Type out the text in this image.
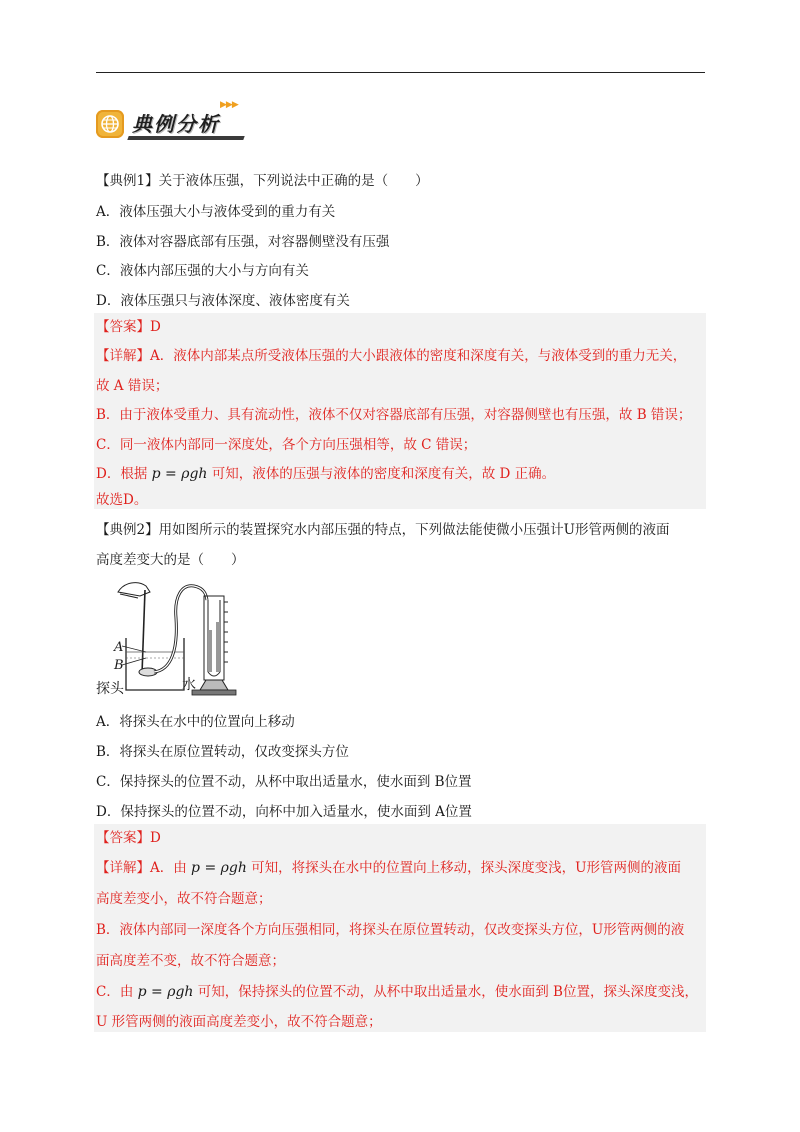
典例分析
▶▶▶
【典例1】关于液体压强，下列说法中正确的是（　　）
A．液体压强大小与液体受到的重力有关
B．液体对容器底部有压强，对容器侧壁没有压强
C．液体内部压强的大小与方向有关
D．液体压强只与液体深度、液体密度有关
【答案】D
【详解】A．液体内部某点所受液体压强的大小跟液体的密度和深度有关，与液体受到的重力无关，
故 A 错误；
B．由于液体受重力、具有流动性，液体不仅对容器底部有压强，对容器侧壁也有压强，故 B 错误；
C．同一液体内部同一深度处，各个方向压强相等，故 C 错误；
D．根据 p = ρgh 可知，液体的压强与液体的密度和深度有关，故 D 正确。
故选D。
【典例2】用如图所示的装置探究水内部压强的特点，下列做法能使微小压强计U形管两侧的液面
高度差变大的是（　　）
A
B
探头	水
A．将探头在水中的位置向上移动
B．将探头在原位置转动，仅改变探头方位
C．保持探头的位置不动，从杯中取出适量水，使水面到 B位置
D．保持探头的位置不动，向杯中加入适量水，使水面到 A位置
【答案】D
【详解】A．由 p = ρgh 可知，将探头在水中的位置向上移动，探头深度变浅，U形管两侧的液面
高度差变小，故不符合题意；
B．液体内部同一深度各个方向压强相同，将探头在原位置转动，仅改变探头方位，U形管两侧的液
面高度差不变，故不符合题意；
C．由 p = ρgh 可知，保持探头的位置不动，从杯中取出适量水，使水面到 B位置，探头深度变浅，
U 形管两侧的液面高度差变小，故不符合题意；
